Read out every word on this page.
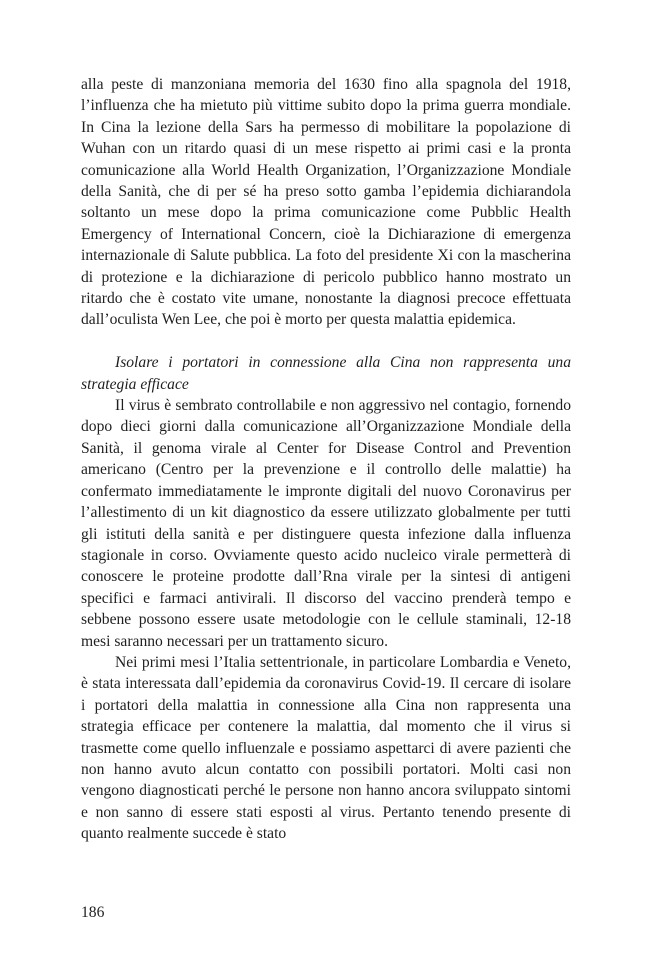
alla peste di manzoniana memoria del 1630 fino alla spagnola del 1918, l’influenza che ha mietuto più vittime subito dopo la prima guerra mondiale. In Cina la lezione della Sars ha permesso di mobilitare la popolazione di Wuhan con un ritardo quasi di un mese rispetto ai primi casi e la pronta comunicazione alla World Health Organization, l’Organizzazione Mondiale della Sanità, che di per sé ha preso sotto gamba l’epidemia dichiarandola soltanto un mese dopo la prima comunicazione come Pubblic Health Emergency of International Concern, cioè la Dichiarazione di emergenza internazionale di Salute pubblica. La foto del presidente Xi con la mascherina di protezione e la dichiarazione di pericolo pubblico hanno mostrato un ritardo che è costato vite umane, nonostante la diagnosi precoce effettuata dall’oculista Wen Lee, che poi è morto per questa malattia epidemica.

Isolare i portatori in connessione alla Cina non rappresenta una strategia efficace

Il virus è sembrato controllabile e non aggressivo nel contagio, fornendo dopo dieci giorni dalla comunicazione all’Organizzazione Mondiale della Sanità, il genoma virale al Center for Disease Control and Prevention americano (Centro per la prevenzione e il controllo delle malattie) ha confermato immediatamente le impronte digitali del nuovo Coronavirus per l’allestimento di un kit diagnostico da essere utilizzato globalmente per tutti gli istituti della sanità e per distinguere questa infezione dalla influenza stagionale in corso. Ovviamente questo acido nucleico virale permetterà di conoscere le proteine prodotte dall’Rna virale per la sintesi di antigeni specifici e farmaci antivirali. Il discorso del vaccino prenderà tempo e sebbene possono essere usate metodologie con le cellule staminali, 12-18 mesi saranno necessari per un trattamento sicuro.

Nei primi mesi l’Italia settentrionale, in particolare Lombardia e Veneto, è stata interessata dall’epidemia da coronavirus Covid-19. Il cercare di isolare i portatori della malattia in connessione alla Cina non rappresenta una strategia efficace per contenere la malattia, dal momento che il virus si trasmette come quello influenzale e possiamo aspettarci di avere pazienti che non hanno avuto alcun contatto con possibili portatori. Molti casi non vengono diagnosticati perché le persone non hanno ancora sviluppato sintomi e non sanno di essere stati esposti al virus. Pertanto tenendo presente di quanto realmente succede è stato

186
